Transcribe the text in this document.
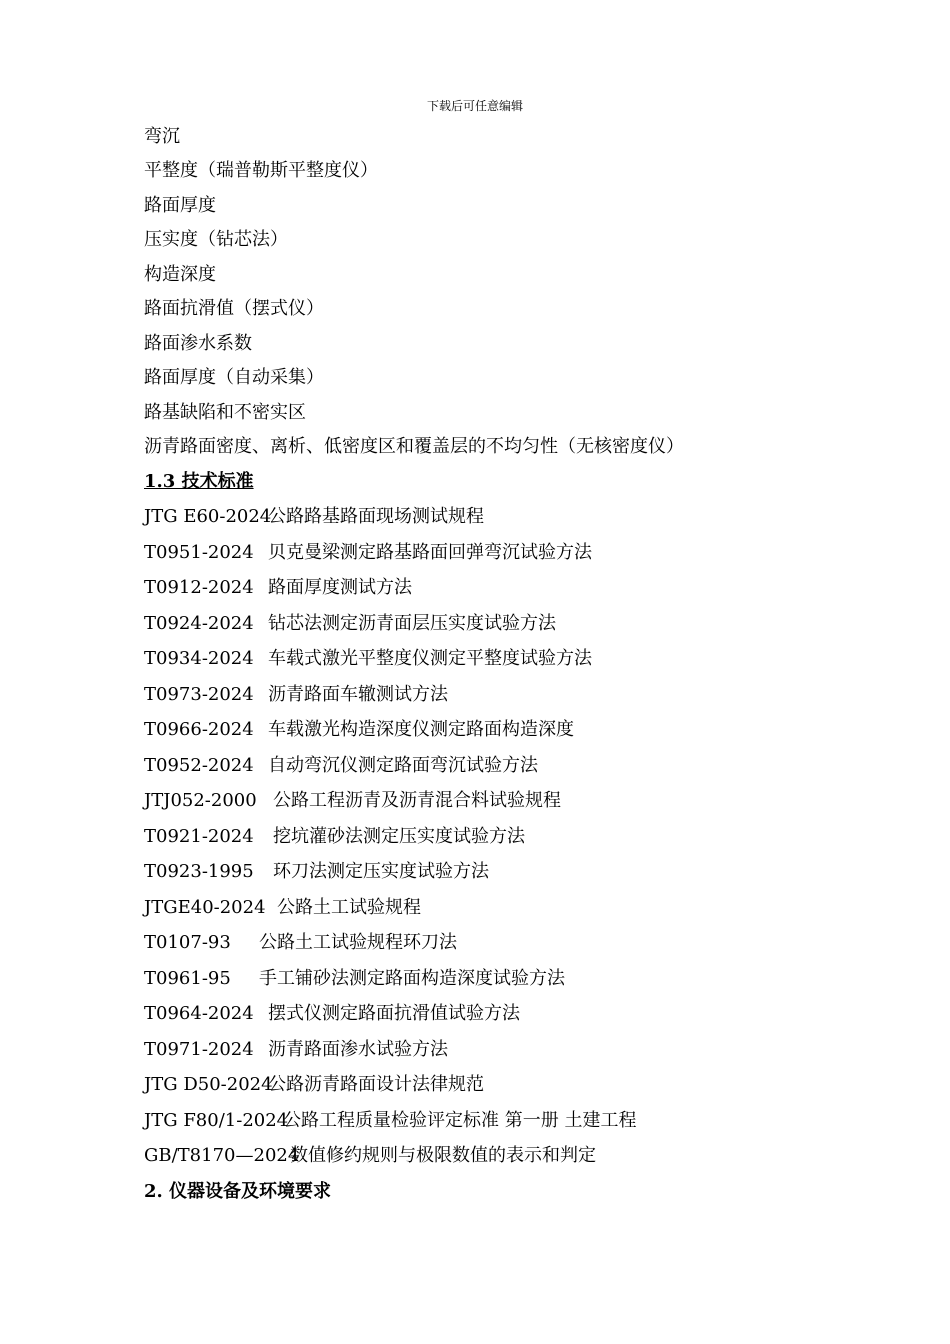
下载后可任意编辑
弯沉
平整度（瑞普勒斯平整度仪）
路面厚度
压实度（钻芯法）
构造深度
路面抗滑值（摆式仪）
路面渗水系数
路面厚度（自动采集）
路基缺陷和不密实区
沥青路面密度、离析、低密度区和覆盖层的不均匀性（无核密度仪）
1.3 技术标准
JTG E60-2024公路路基路面现场测试规程
T0951-2024 贝克曼梁测定路基路面回弹弯沉试验方法
T0912-2024 路面厚度测试方法
T0924-2024 钻芯法测定沥青面层压实度试验方法
T0934-2024 车载式激光平整度仪测定平整度试验方法
T0973-2024 沥青路面车辙测试方法
T0966-2024 车载激光构造深度仪测定路面构造深度
T0952-2024 自动弯沉仪测定路面弯沉试验方法
JTJ052-2000 公路工程沥青及沥青混合料试验规程
T0921-2024 挖坑灌砂法测定压实度试验方法
T0923-1995 环刀法测定压实度试验方法
JTGE40-2024 公路土工试验规程
T0107-93 公路土工试验规程环刀法
T0961-95 手工铺砂法测定路面构造深度试验方法
T0964-2024 摆式仪测定路面抗滑值试验方法
T0971-2024 沥青路面渗水试验方法
JTG D50-2024公路沥青路面设计法律规范
JTG F80/1-2024公路工程质量检验评定标准 第一册 土建工程
GB/T8170—2024数值修约规则与极限数值的表示和判定
2. 仪器设备及环境要求
